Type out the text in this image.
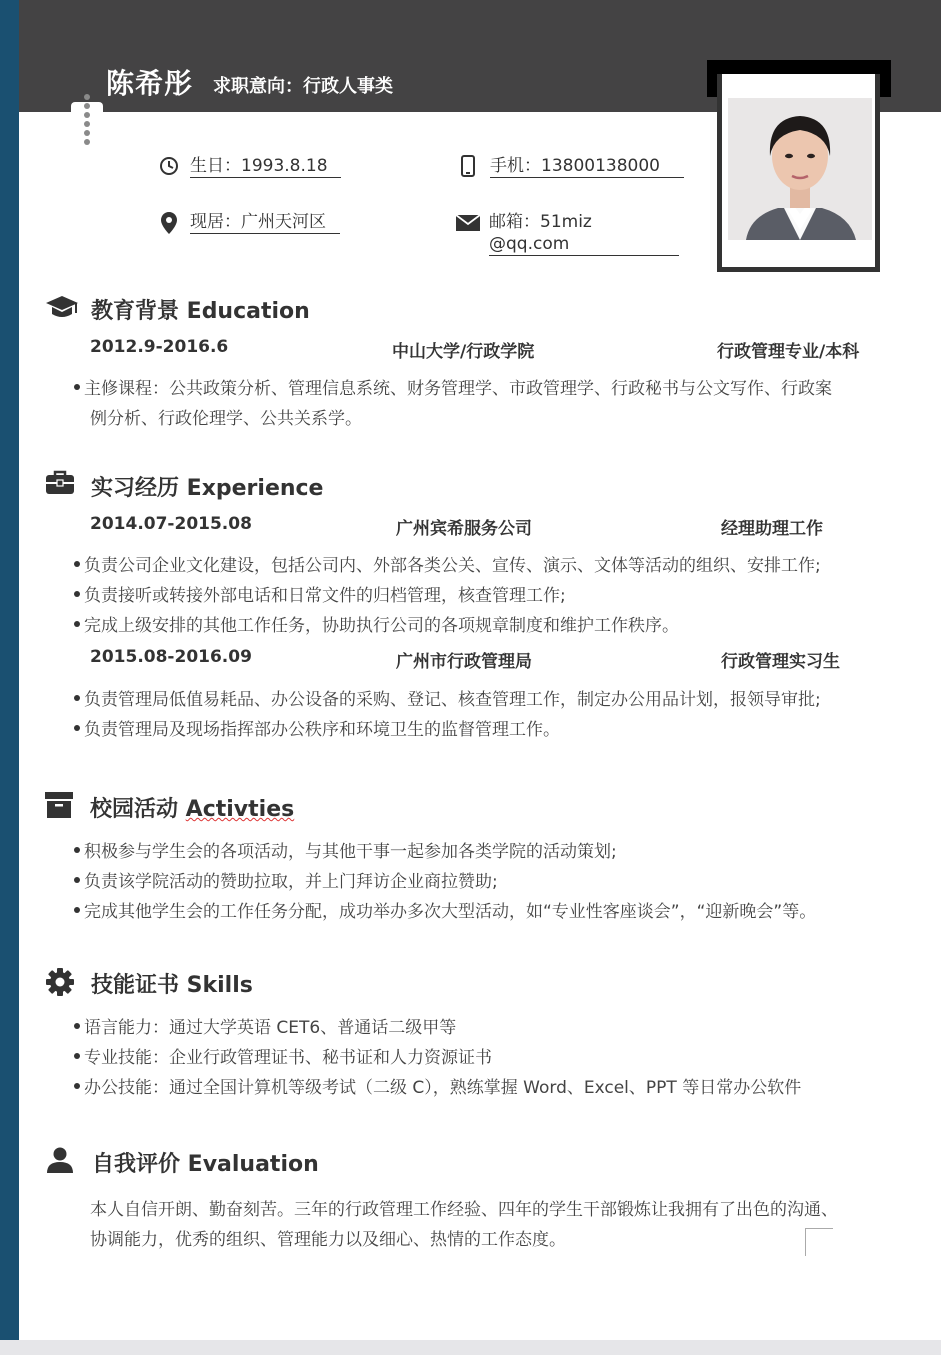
陈希彤 求职意向：行政人事类
生日：1993.8.18	手机：13800138000
现居：广州天河区	邮箱：51miz @qq.com
教育背景 Education
2012.9-2016.6	中山大学/行政学院	行政管理专业/本科
主修课程：公共政策分析、管理信息系统、财务管理学、市政管理学、行政秘书与公文写作、行政案
例分析、行政伦理学、公共关系学。
实习经历 Experience
2014.07-2015.08	广州宾希服务公司	经理助理工作
负责公司企业文化建设，包括公司内、外部各类公关、宣传、演示、文体等活动的组织、安排工作;
负责接听或转接外部电话和日常文件的归档管理，核查管理工作;
完成上级安排的其他工作任务，协助执行公司的各项规章制度和维护工作秩序。
2015.08-2016.09	广州市行政管理局	行政管理实习生
负责管理局低值易耗品、办公设备的采购、登记、核查管理工作，制定办公用品计划，报领导审批;
负责管理局及现场指挥部办公秩序和环境卫生的监督管理工作。
校园活动 Activties
积极参与学生会的各项活动，与其他干事一起参加各类学院的活动策划;
负责该学院活动的赞助拉取，并上门拜访企业商拉赞助;
完成其他学生会的工作任务分配，成功举办多次大型活动，如“专业性客座谈会”，“迎新晚会”等。
技能证书 Skills
语言能力：通过大学英语 CET6、普通话二级甲等
专业技能：企业行政管理证书、秘书证和人力资源证书
办公技能：通过全国计算机等级考试（二级 C），熟练掌握 Word、Excel、PPT 等日常办公软件
自我评价 Evaluation
本人自信开朗、勤奋刻苦。三年的行政管理工作经验、四年的学生干部锻炼让我拥有了出色的沟通、
协调能力，优秀的组织、管理能力以及细心、热情的工作态度。
